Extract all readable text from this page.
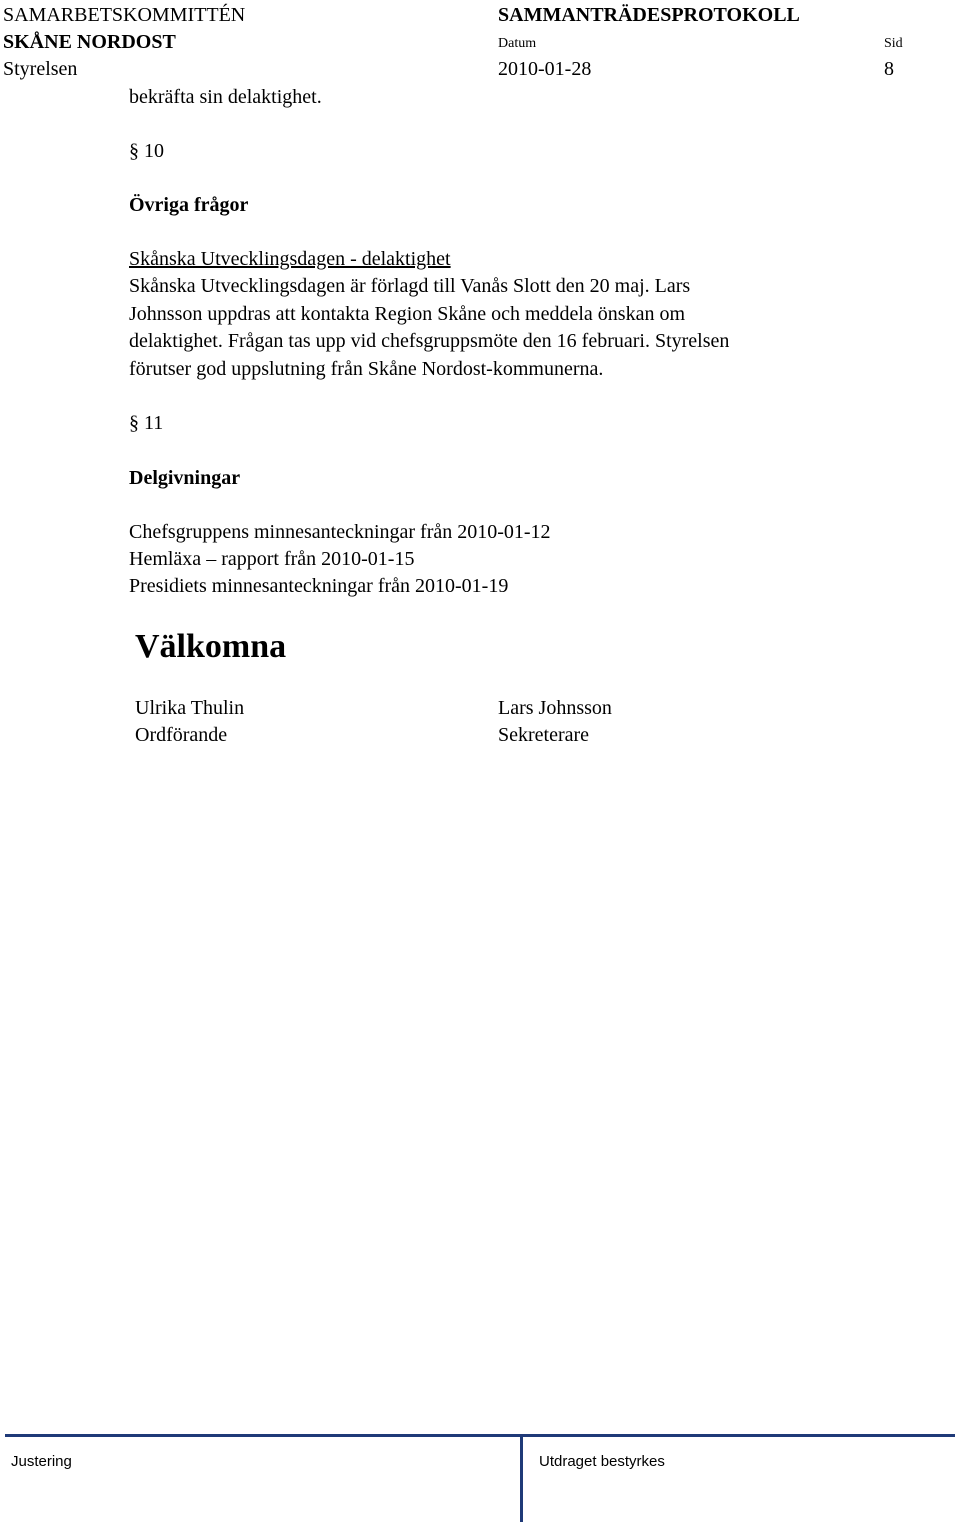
SAMARBETSKOMMITTÉN
SKÅNE NORDOST
Styrelsen
SAMMANTRÄDESPROTOKOLL
Datum
2010-01-28
Sid
8
bekräfta sin delaktighet.
§ 10
Övriga frågor
Skånska Utvecklingsdagen - delaktighet
Skånska Utvecklingsdagen är förlagd till Vanås Slott den 20 maj. Lars
Johnsson uppdras att kontakta Region Skåne och meddela önskan om
delaktighet. Frågan tas upp vid chefsgruppsmöte den 16 februari. Styrelsen
förutser god uppslutning från Skåne Nordost-kommunerna.
§ 11
Delgivningar
Chefsgruppens minnesanteckningar från 2010-01-12
Hemläxa – rapport från 2010-01-15
Presidiets minnesanteckningar från 2010-01-19
Välkomna
Ulrika Thulin
Ordförande
Lars Johnsson
Sekreterare
Justering	Utdraget bestyrkes
